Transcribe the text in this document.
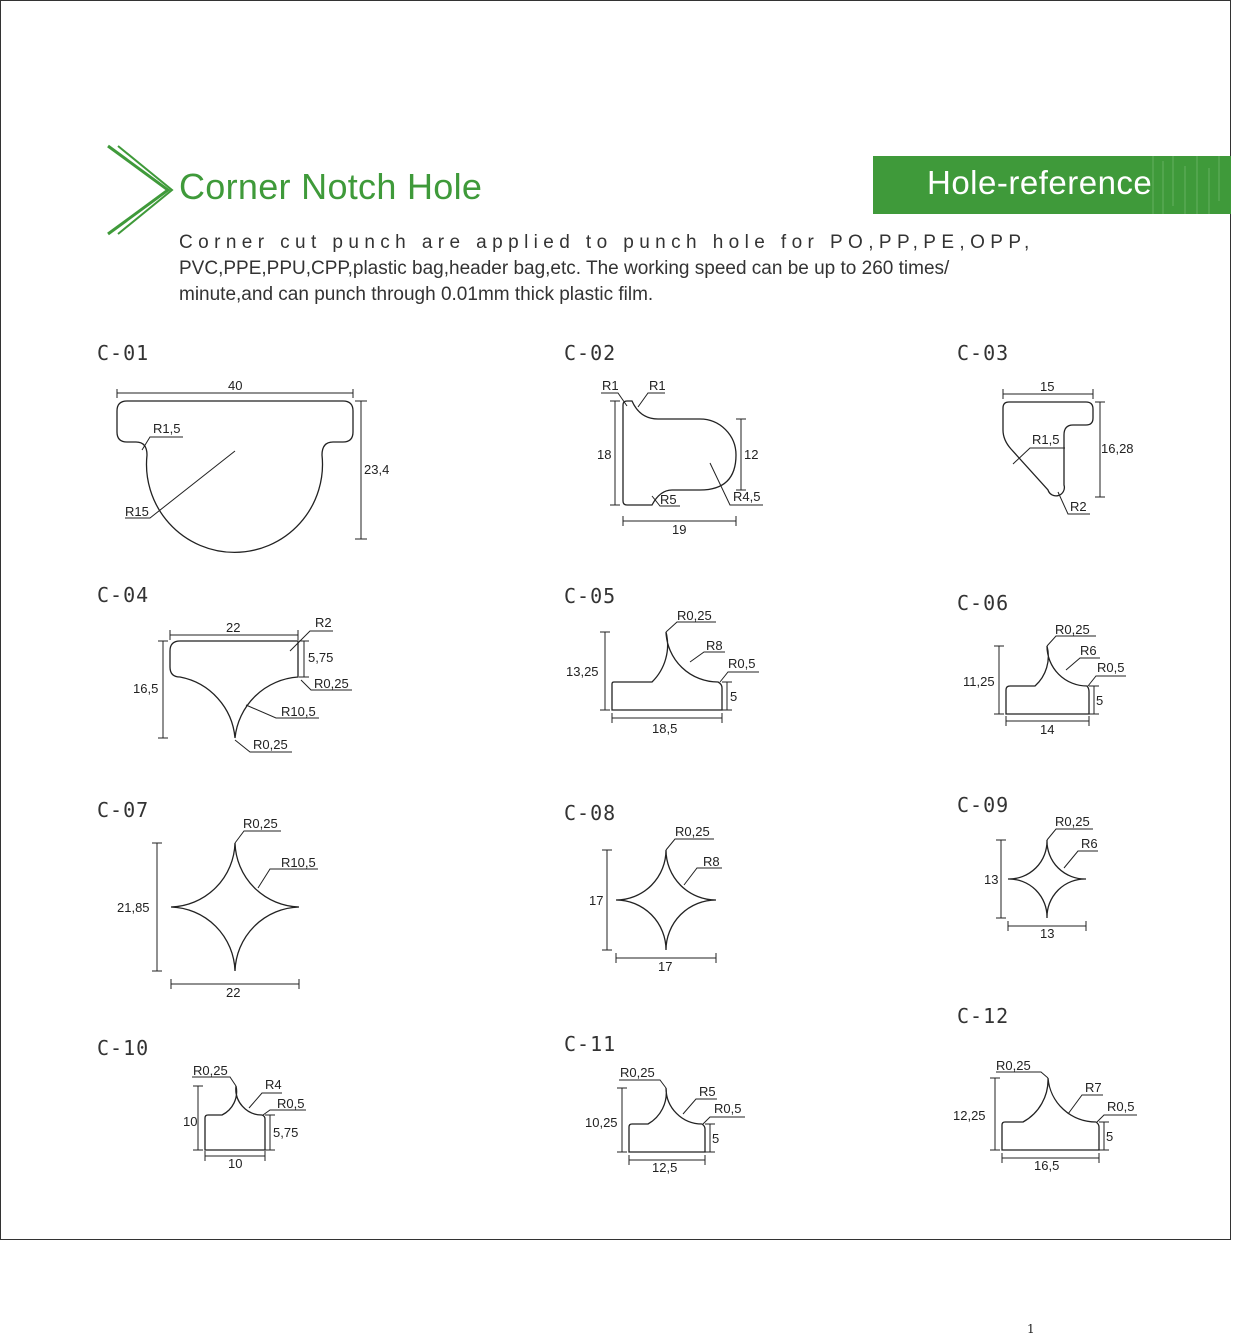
Corner Notch Hole	Hole-reference
Corner cut punch are applied to punch hole for PO,PP,PE,OPP,
PVC,PPE,PPU,CPP,plastic bag,header bag,etc. The working speed can be up to 260 times/
minute,and can punch through 0.01mm thick plastic film.
C-01	C-02	C-03
C-04	C-05	C-06
C-07	C-08	C-09
C-10	C-11
C-12
40
23,4
R1,5
R15
18	12
19
R1 R1
R5	R4,5
15
16,28
R1,5
R2
22	R2
5,75
16,5	R0,25
R10,5
R0,25
R0,25
R8
R0,5
13,25
5
18,5
R0,25
R6
R0,5
11,25
5
14
R0,25
R10,5
21,85
22
R0,25
R8
17
17
R0,25
R6
13
13
R0,25
R4
R0,5
10
5,75
10
R0,25
R5
R0,5
10,25
5
12,5
R0,25
R7
R0,5
12,25
5
16,5
1
